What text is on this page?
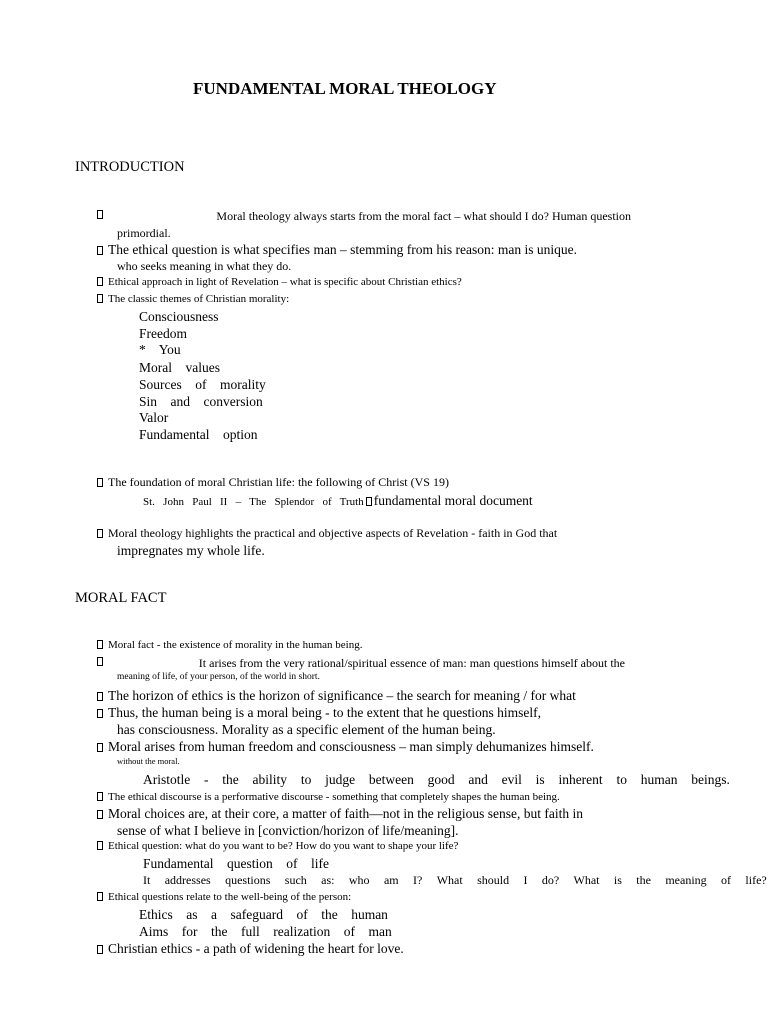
FUNDAMENTAL MORAL THEOLOGY
INTRODUCTION
Moral theology always starts from the moral fact – what should I do? Human question
primordial.
The ethical question is what specifies man – stemming from his reason: man is unique.
who seeks meaning in what they do.
Ethical approach in light of Revelation – what is specific about Christian ethics?
The classic themes of Christian morality:
Consciousness
Freedom
*    You
Moral    values
Sources    of    morality
Sin    and    conversion
Valor
Fundamental    option
The foundation of moral Christian life: the following of Christ (VS 19)
St.   John   Paul   II   –   The   Splendor   of   Truth fundamental moral document
Moral theology highlights the practical and objective aspects of Revelation - faith in God that
impregnates my whole life.
MORAL FACT
Moral fact - the existence of morality in the human being.
It arises from the very rational/spiritual essence of man: man questions himself about the
meaning of life, of your person, of the world in short.
The horizon of ethics is the horizon of significance – the search for meaning / for what
Thus, the human being is a moral being - to the extent that he questions himself,
has consciousness. Morality as a specific element of the human being.
Moral arises from human freedom and consciousness – man simply dehumanizes himself.
without the moral.
Aristotle - the ability to judge between good and evil is inherent to human beings.
The ethical discourse is a performative discourse - something that completely shapes the human being.
Moral choices are, at their core, a matter of faith—not in the religious sense, but faith in
sense of what I believe in [conviction/horizon of life/meaning].
Ethical question: what do you want to be? How do you want to shape your life?
Fundamental    question    of    life
It addresses questions such as: who am I? What should I do? What is the meaning of life?
Ethical questions relate to the well-being of the person:
Ethics    as    a    safeguard    of    the    human
Aims    for    the    full    realization    of    man
Christian ethics - a path of widening the heart for love.
